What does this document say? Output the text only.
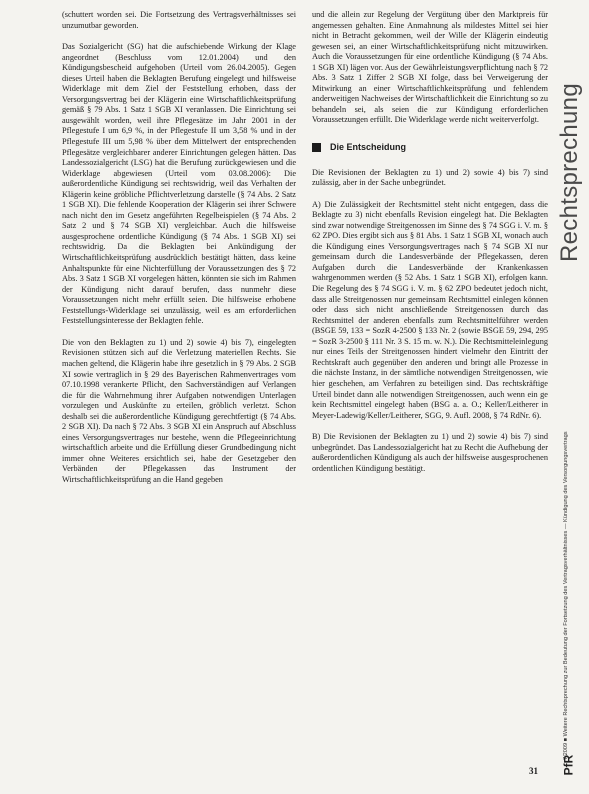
(schuttert worden sei. Die Fortsetzung des Vertragsverhältnisses sei unzumutbar geworden.

Das Sozialgericht (SG) hat die aufschiebende Wirkung der Klage angeordnet (Beschluss vom 12.01.2004) und den Kündigungsbescheid aufgehoben (Urteil vom 26.04.2005). Gegen dieses Urteil haben die Beklagten Berufung eingelegt und hilfsweise Widerklage mit dem Ziel der Feststellung erhoben, dass der Versorgungsvertrag bei der Klägerin eine Wirtschaftlichkeitsprüfung gemäß § 79 Abs. 1 Satz 1 SGB XI veranlassen. Die Einrichtung sei ausgewählt worden, weil ihre Pflegesätze im Jahr 2001 in der Pflegestufe I um 6,9 %, in der Pflegestufe II um 3,58 % und in der Pflegestufe III um 5,98 % über dem Mittelwert der entsprechenden Pflegesätze vergleichbarer anderer Einrichtungen gelegen hätten. Das Landessozialgericht (LSG) hat die Berufung zurückgewiesen und die Widerklage abgewiesen (Urteil vom 03.08.2006): Die außerordentliche Kündigung sei rechtswidrig, weil das Verhalten der Klägerin keine gröbliche Pflichtverletzung darstelle (§ 74 Abs. 2 Satz 1 SGB XI). Die fehlende Kooperation der Klägerin sei ihrer Schwere nach nicht den im Gesetz angeführten Regelbeispielen (§ 74 Abs. 2 Satz 2 und § 74 SGB XI) vergleichbar. Auch die hilfsweise ausgesprochene ordentliche Kündigung (§ 74 Abs. 1 SGB XI) sei rechtswidrig. Da die Beklagten bei Ankündigung der Wirtschaftlichkeitsprüfung ausdrücklich bestätigt hätten, dass keine Anhaltspunkte für eine Nichterfüllung der Voraussetzungen des § 72 Abs. 3 Satz 1 SGB XI vorgelegen hätten, könnten sie sich im Rahmen der Kündigung nicht darauf berufen, dass nunmehr diese Voraussetzungen nicht mehr erfüllt seien. Die hilfsweise erhobene Feststellungs-Widerklage sei unzulässig, weil es am erforderlichen Feststellungsinteresse der Beklagten fehle.

Die von den Beklagten zu 1) und 2) sowie 4) bis 7), eingelegten Revisionen stützen sich auf die Verletzung materiellen Rechts. Sie machen geltend, die Klägerin habe ihre gesetzlich in § 79 Abs. 2 SGB XI sowie vertraglich in § 29 des Bayerischen Rahmenvertrages vom 07.10.1998 verankerte Pflicht, den Sachverständigen auf Verlangen die für die Wahrnehmung ihrer Aufgaben notwendigen Unterlagen vorzulegen und Auskünfte zu erteilen, gröblich verletzt. Schon deshalb sei die außerordentliche Kündigung gerechtfertigt (§ 74 Abs. 2 SGB XI). Da nach § 72 Abs. 3 SGB XI ein Anspruch auf Abschluss eines Versorgungsvertrages nur bestehe, wenn die Pflegeeinrichtung wirtschaftlich arbeite und die Erfüllung dieser Grundbedingung nicht immer ohne Weiteres ersichtlich sei, habe der Gesetzgeber den Verbänden der Pflegekassen das Instrument der Wirtschaftlichkeitsprüfung an die Hand gegeben

und die allein zur Regelung der Vergütung über den Marktpreis für angemessen gehalten. Eine Anmahnung als mildestes Mittel sei hier nicht in Betracht gekommen, weil der Wille der Klägerin eindeutig gewesen sei, an einer Wirtschaftlichkeitsprüfung nicht mitzuwirken. Auch die Voraussetzungen für eine ordentliche Kündigung (§ 74 Abs. 1 SGB XI) lägen vor. Aus der Gewährleistungsverpflichtung nach § 72 Abs. 3 Satz 1 Ziffer 2 SGB XI folge, dass bei Verweigerung der Mitwirkung an einer Wirtschaftlichkeitsprüfung und fehlendem anderweitigen Nachweises der Wirtschaftlichkeit die Einrichtung so zu behandeln sei, als seien die zur Kündigung erforderlichen Voraussetzungen erfüllt. Die Widerklage werde nicht weiterverfolgt.

Die Entscheidung

Die Revisionen der Beklagten zu 1) und 2) sowie 4) bis 7) sind zulässig, aber in der Sache unbegründet.

A) Die Zulässigkeit der Rechtsmittel steht nicht entgegen, dass die Beklagte zu 3) nicht ebenfalls Revision eingelegt hat. Die Beklagten sind zwar notwendige Streitgenossen im Sinne des § 74 SGG i. V. m. § 62 ZPO. Dies ergibt sich aus § 81 Abs. 1 Satz 1 SGB XI, wonach auch die Kündigung eines Versorgungsvertrages nach § 74 SGB XI nur gemeinsam durch die Landesverbände der Pflegekassen, deren Aufgaben durch die Landesverbände der Krankenkassen wahrgenommen werden (§ 52 Abs. 1 Satz 1 SGB XI), erfolgen kann. Die Regelung des § 74 SGG i. V. m. § 62 ZPO bedeutet jedoch nicht, dass alle Streitgenossen nur gemeinsam Rechtsmittel einlegen können oder dass sich nicht anschließende Streitgenossen durch das Rechtsmittel der anderen ebenfalls zum Rechtsmittelführer werden (BSGE 59, 133 = SozR 4-2500 § 133 Nr. 2 (sowie BSGE 59, 294, 295 = SozR 3-2500 § 111 Nr. 3 S. 15 m. w. N.). Die Rechtsmitteleinlegung nur eines Teils der Streitgenossen hindert vielmehr den Eintritt der Rechtskraft auch gegenüber den anderen und bringt alle Prozesse in die nächste Instanz, in der sämtliche notwendigen Streitgenossen, wie hier geschehen, am Verfahren zu beteiligen sind. Das rechtskräftige Urteil bindet dann alle notwendigen Streitgenossen, auch wenn ein ge kein Rechtsmittel eingelegt haben (BSG a. a. O.; Keller/Leitherer in Meyer-Ladewig/Keller/Leitherer, SGG, 9. Aufl. 2008, § 74 RdNr. 6).

B) Die Revisionen der Beklagten zu 1) und 2) sowie 4) bis 7) sind unbegründet. Das Landessozialgericht hat zu Recht die Aufhebung der außerordentlichen Kündigung als auch der hilfsweise ausgesprochenen ordentlichen Kündigung bestätigt.

Rechtsprechung
7/2009 ■ Weitere Rechtsprechung zur Bedeutung der Fortsetzung des Vertragsverhältnisses — Kündigung des Versorgungsvertrags
PfR
31
